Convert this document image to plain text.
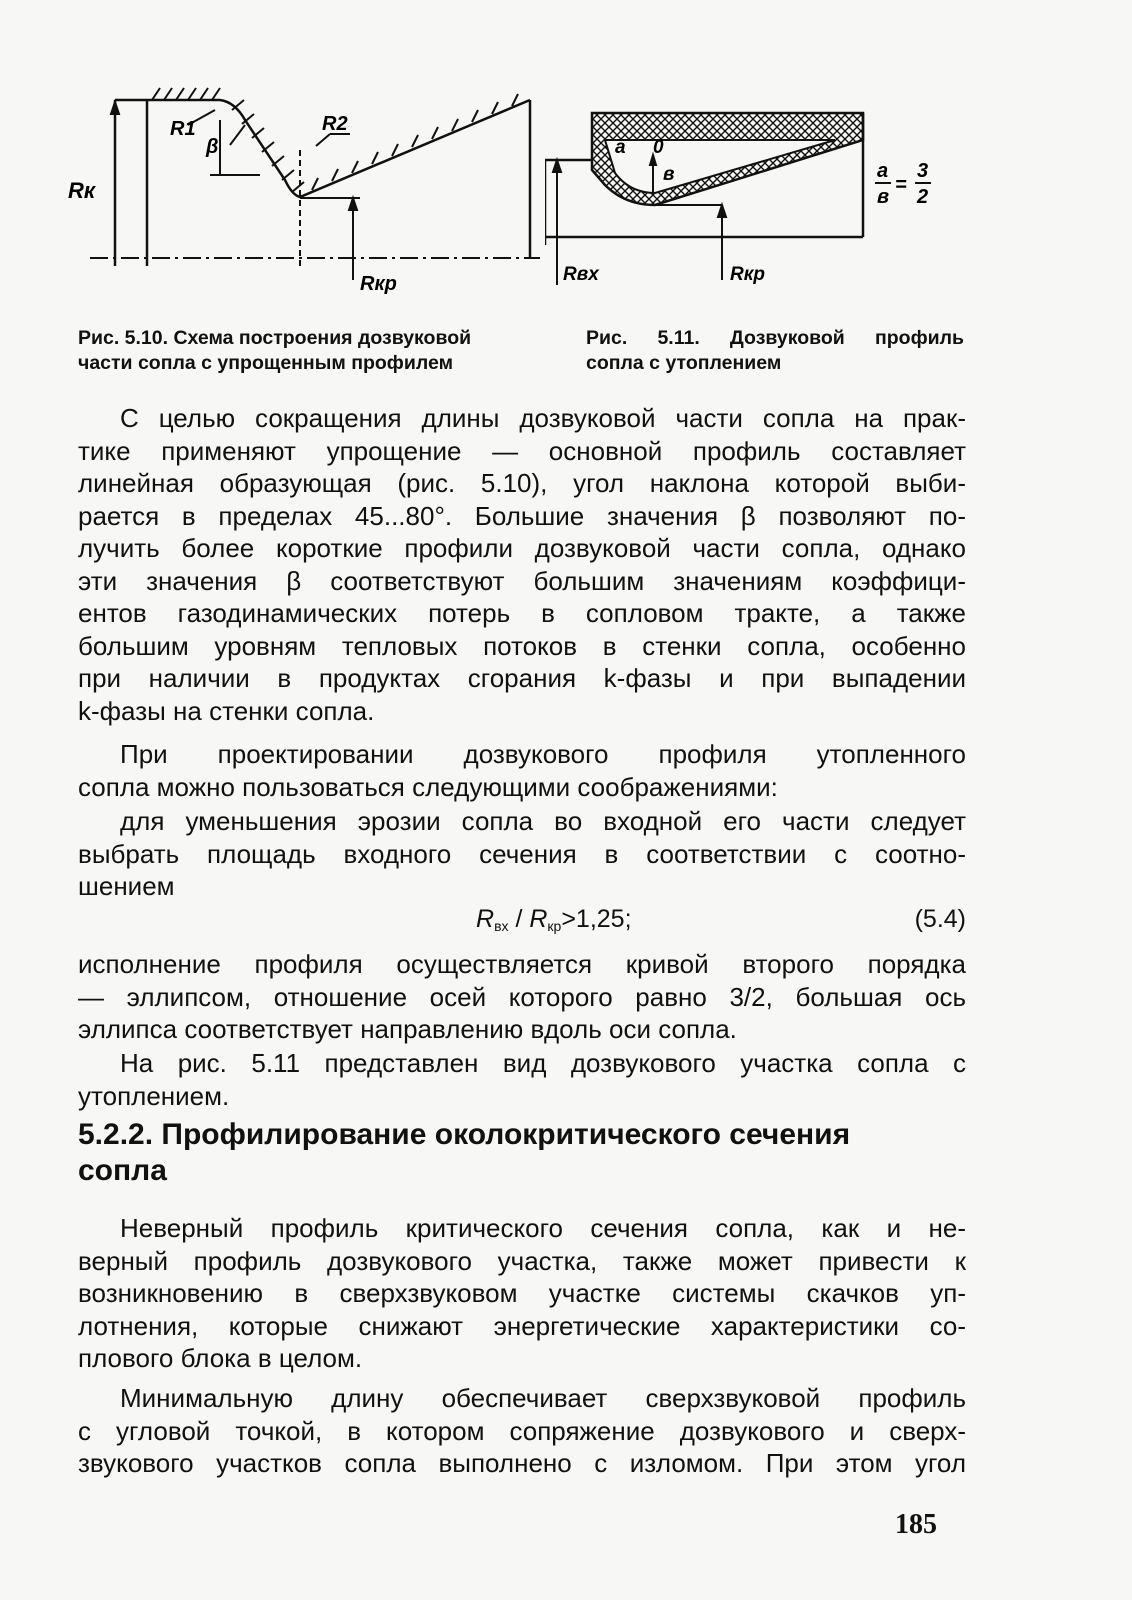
Rк
R1
β
R2
Rкр
a 0
в
Rвх	Rкр
a
в
=
3
2
Рис. 5.10. Схема построения дозвуковой
части сопла с упрощенным профилем
Рис. 5.11. Дозвуковой профиль
сопла с утоплением
С целью сокращения длины дозвуковой части сопла на прак-
тике применяют упрощение — основной профиль составляет
линейная образующая (рис. 5.10), угол наклона которой выби-
рается в пределах 45...80°. Большие значения β позволяют по-
лучить более короткие профили дозвуковой части сопла, однако
эти значения β соответствуют большим значениям коэффици-
ентов газодинамических потерь в сопловом тракте, а также
большим уровням тепловых потоков в стенки сопла, особенно
при наличии в продуктах сгорания k-фазы и при выпадении
k-фазы на стенки сопла.
При проектировании дозвукового профиля утопленного
сопла можно пользоваться следующими соображениями:
для уменьшения эрозии сопла во входной его части следует
выбрать площадь входного сечения в соответствии с соотно-
шением
$R_{вх} / R_{кр}>1,25$;	(5.4)
исполнение профиля осуществляется кривой второго порядка
— эллипсом, отношение осей которого равно 3/2, большая ось
эллипса соответствует направлению вдоль оси сопла.
На рис. 5.11 представлен вид дозвукового участка сопла с
утоплением.
5.2.2. Профилирование околокритического сечения
сопла
Неверный профиль критического сечения сопла, как и не-
верный профиль дозвукового участка, также может привести к
возникновению в сверхзвуковом участке системы скачков уп-
лотнения, которые снижают энергетические характеристики со-
плового блока в целом.
Минимальную длину обеспечивает сверхзвуковой профиль
с угловой точкой, в котором сопряжение дозвукового и сверх-
звукового участков сопла выполнено с изломом. При этом угол
185
